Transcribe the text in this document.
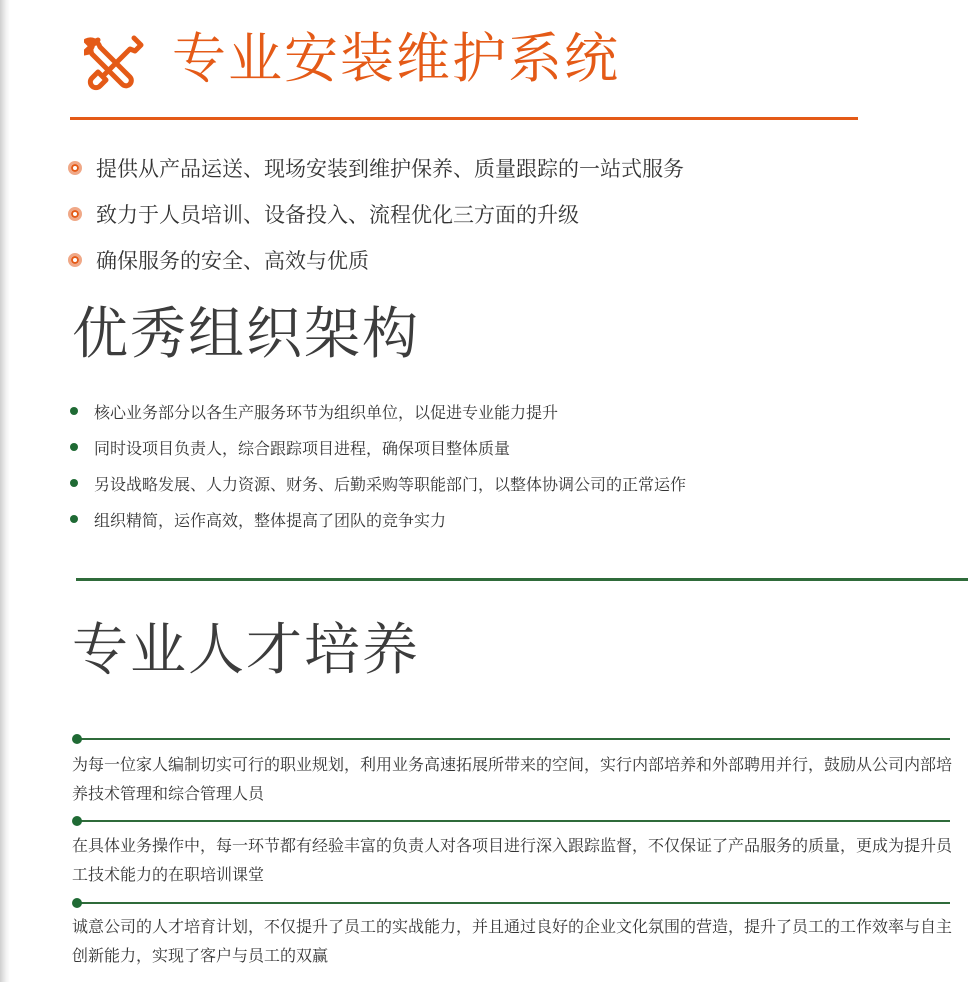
专业安装维护系统
提供从产品运送、现场安装到维护保养、质量跟踪的一站式服务
致力于人员培训、设备投入、流程优化三方面的升级
确保服务的安全、高效与优质
优秀组织架构
核心业务部分以各生产服务环节为组织单位，以促进专业能力提升
同时设项目负责人，综合跟踪项目进程，确保项目整体质量
另设战略发展、人力资源、财务、后勤采购等职能部门，以整体协调公司的正常运作
组织精简，运作高效，整体提高了团队的竞争实力
专业人才培养
为每一位家人编制切实可行的职业规划，利用业务高速拓展所带来的空间，实行内部培养和外部聘用并行，鼓励从公司内部培养技术管理和综合管理人员
在具体业务操作中，每一环节都有经验丰富的负责人对各项目进行深入跟踪监督，不仅保证了产品服务的质量，更成为提升员工技术能力的在职培训课堂
诚意公司的人才培育计划，不仅提升了员工的实战能力，并且通过良好的企业文化氛围的营造，提升了员工的工作效率与自主创新能力，实现了客户与员工的双赢
